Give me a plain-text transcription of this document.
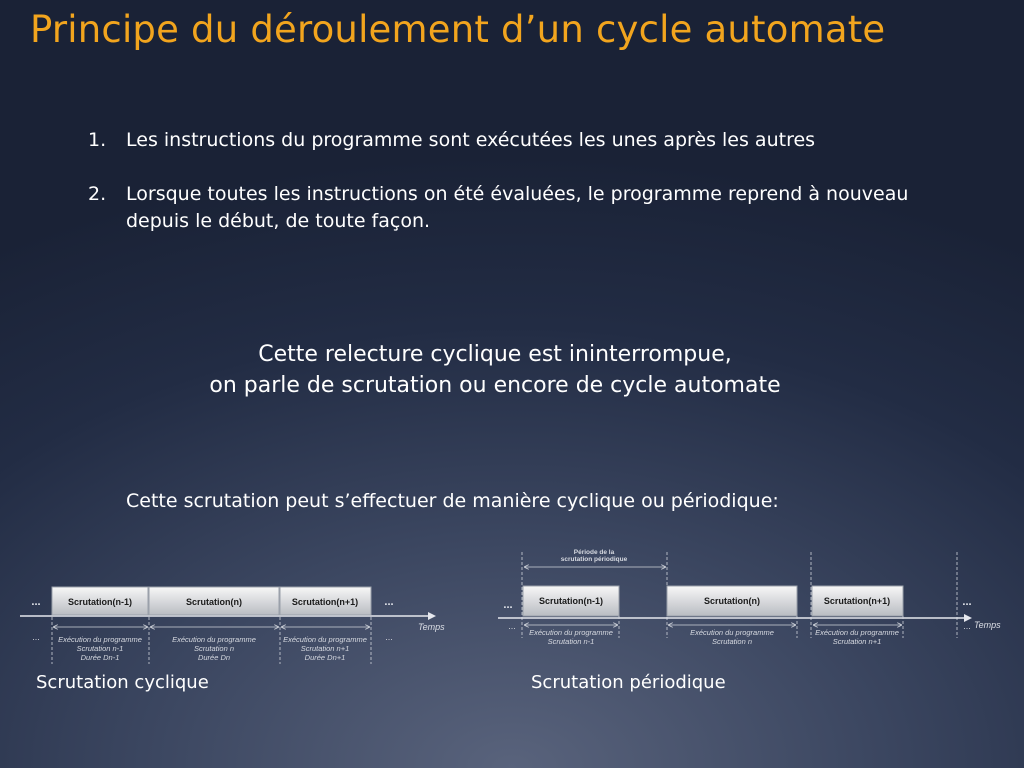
Principe du déroulement d’un cycle automate
1. Les instructions du programme sont exécutées les unes après les autres
2. Lorsque toutes les instructions on été évaluées, le programme reprend à nouveau depuis le début, de toute façon.
Cette relecture cyclique est ininterrompue,
on parle de scrutation ou encore de cycle automate
Cette scrutation peut s’effectuer de manière cyclique ou périodique:
...	...
Temps
Scrutation(n-1)	Scrutation(n)	Scrutation(n+1)
...	...
Exécution du programme
Scrutation n-1
Durée Dn-1
Exécution du programme
Scrutation n
Durée Dn
Exécution du programme
Scrutation n+1
Durée Dn+1
Période de la
scrutation périodique
...	...
Temps
Scrutation(n-1)	Scrutation(n)	Scrutation(n+1)
...	...
Exécution du programme
Scrutation n-1
Exécution du programme
Scrutation n
Exécution du programme
Scrutation n+1
Scrutation cyclique	Scrutation périodique
